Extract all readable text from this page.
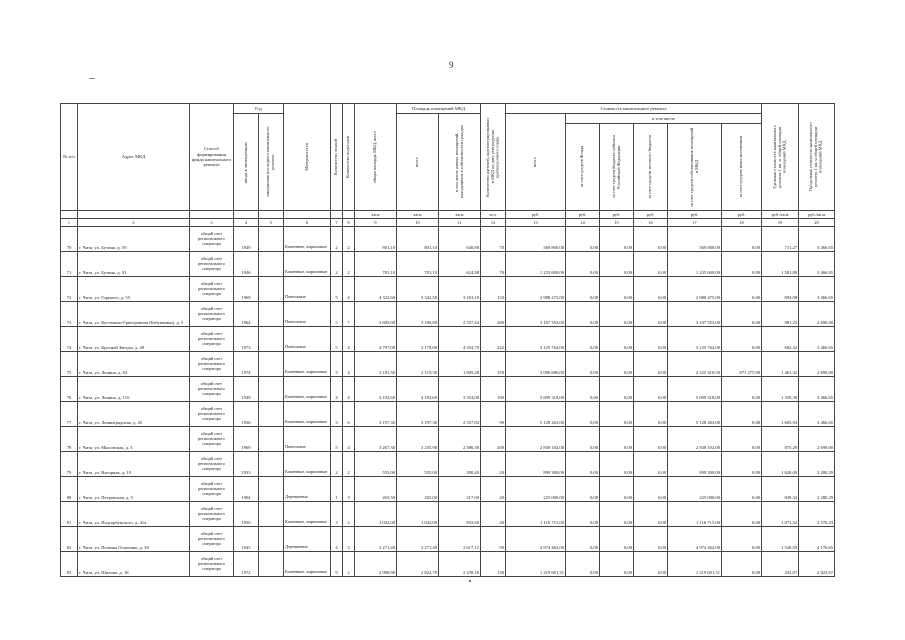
9
№ п/п	Адрес МКД	Способ формирования фонда капитального ремонта	Год		Материал стен	Количество этажей	Количество подъездов	общая площадь МКД, всего	Площадь помещений МКД		Количество жителей, зарегистрированных в МКД на дату утверждения краткосрочного плана	Стоимость капитального ремонта						Удельная стоимость капитального ремонта 1 кв. м. общей площади помещений МКД	Предельная стоимость капитального ремонта 1 кв. м общей площади помещений МКД

			ввода в эксплуатацию	завершения последнего капитального ремонта					всего	в том числе жилых помещений, находящихся в собственности граждан		всего	в том числе							

													за счет средств Фонда	за счет средств бюджета субъекта Российской Федерации	за счет средств местного бюджета	за счет средств собственников помещений в МКД	за счет средств иных источников			

								кв.м	кв.м	кв.м	чел.	руб.	руб.	руб.	руб.	руб.	руб.	руб./кв.м	руб./кв.м	
1	2	3	4	5	6	7	8	9	10	11	12	13	14	15	16	17	18	19	20	
70	г. Чита, ул. Бутина, д. 59	общий счет регионального оператора	1949		Каменные, кирпичные	2	2	801,10	801,10	640,88	70	569 800,00	0,00	0,00	0,00	569 800,00	0,00	711,27	3 466,65	
71	г. Чита, ул. Бутина, д. 91	общий счет регионального оператора	1946		Каменные, кирпичные	2	2	781,10	781,10	624,88	70	1 235 600,00	0,00	0,00	0,00	1 235 600,00	0,00	1 581,88	3 466,65	
72	г. Чита, ул. Горького, д. 55	общий счет регионального оператора	1969		Панельные	5	4	4 322,60	3 342,50	3 163,10	133	2 988 475,00	0,00	0,00	0,00	2 988 475,00	0,00	894,08	3 466,65	
73	г. Чита, ул. Костюшко-Григоровича (Бабушкина), д. 5	общий счет регионального оператора	1964		Панельные	5	7	3 605,90	3 196,80	2 557,44	280	3 107 353,00	0,00	0,00	0,00	3 107 353,00	0,00	981,23	2 690,00	
74	г. Чита, ул. Красной Звезды, д. 20	общий счет регионального оператора	1973		Панельные	5	4	4 797,00	3 178,00	4 354,70	242	3 125 764,00	0,00	0,00	0,00	3 125 764,00	0,00	682,32	3 466,65	
75	г. Чита, ул. Ленина, д. 63	общий счет регионального оператора	1974		Каменные, кирпичные	5	4	3 181,50	2 119,30	1 695,28	150	3 096 686,00	0,00	0,00	0,00	2 225 410,30	871 275,90	1 461,32	2 690,00	
76	г. Чита, ул. Ленина, д. 110	общий счет регионального оператора	1949		Каменные, кирпичные	4	4	4 192,60	4 192,60	3 354,08	190	5 699 318,00	0,00	0,00	0,00	5 699 318,00	0,00	1 359,38	3 466,65	
77	г. Чита, ул. Ленинградская, д. 45	общий счет регионального оператора	1936		Каменные, кирпичные	3	6	3 197,30	3 197,30	2 557,84	90	5 128 263,00	0,00	0,00	0,00	5 128 263,00	0,00	1 603,94	3 466,65	
78	г. Чита, ул. Мысовская, д. 3	общий счет регионального оператора	1969		Панельные	5	4	3 267,30	3 235,90	2 586,30	200	2 830 102,00	0,00	0,00	0,00	2 830 102,00	0,00	875,29	2 690,00	
79	г. Чита, ул. Нагорная, д. 19	общий счет регионального оператора	1933		Каменные, кирпичные	2	2	555,00	555,00	390,40	20	899 300,00	0,00	0,00	0,00	899 300,00	0,00	1 620,00	2 280,29	
80	г. Чита, ул. Петровская, д. 5	общий счет регионального оператора	1904		Деревянные	1	3	265,50	265,00	217,00	20	225 000,00	0,00	0,00	0,00	225 000,00	0,00	849,34	2 280,29	
81	г. Чита, ул. Подгорбунского, д. 41а	общий счет регионального оператора	1950		Каменные, кирпичные	3	2	1 042,00	1 042,00	833,60	40	1 116 715,00	0,00	0,00	0,00	1 116 715,00	0,00	1 071,32	2 576,23	
82	г. Чита, ул. Полины Осипенко, д. 38	общий счет регионального оператора	1945		Деревянные	4	3	3 271,40	3 271,40	2 617,12	90	4 974 462,00	0,00	0,00	0,00	4 974 462,00	0,00	1 520,59	4 176,65	
83	г. Чита, ул. Шилова, д. 18	общий счет регионального оператора	1972		Каменные, кирпичные	9	2	2 990,90	2 822,70	2 258,16	130	1 219 601,31	0,00	0,00	0,00	1 219 601,31	0,00	432,07	2 823,67	
